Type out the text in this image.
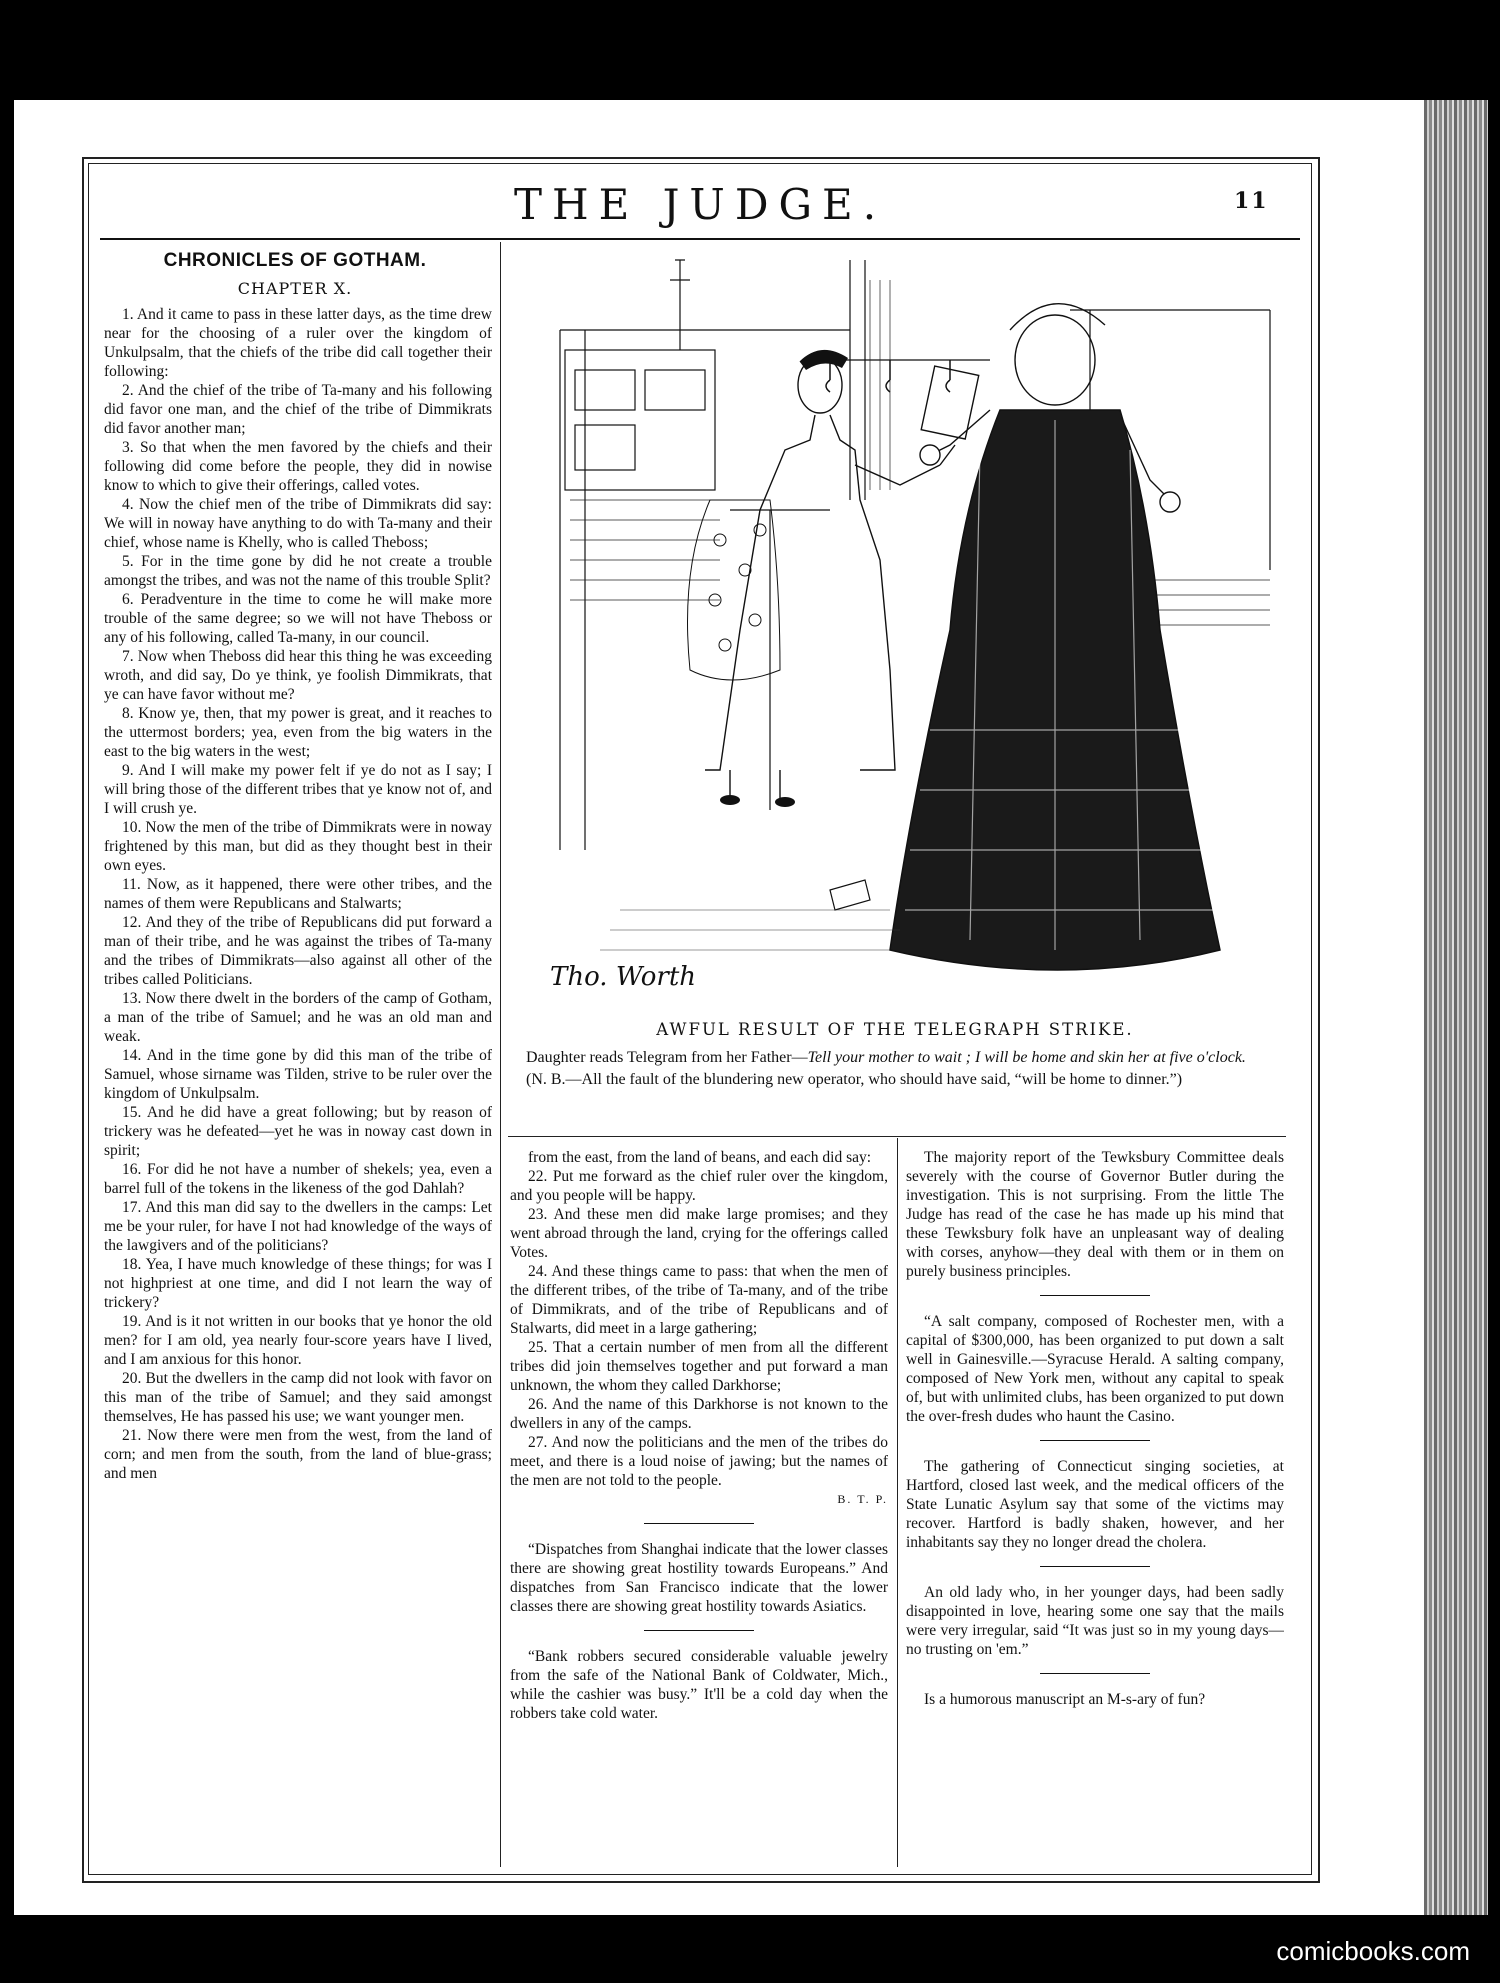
THE JUDGE.	11
CHRONICLES OF GOTHAM.
CHAPTER X.

1. And it came to pass in these latter days, as the time drew near for the choosing of a ruler over the kingdom of Unkulpsalm, that the chiefs of the tribe did call together their following:

2. And the chief of the tribe of Ta-many and his following did favor one man, and the chief of the tribe of Dimmikrats did favor another man;

3. So that when the men favored by the chiefs and their following did come before the people, they did in nowise know to which to give their offerings, called votes.

4. Now the chief men of the tribe of Dimmikrats did say: We will in noway have anything to do with Ta-many and their chief, whose name is Khelly, who is called Theboss;

5. For in the time gone by did he not create a trouble amongst the tribes, and was not the name of this trouble Split?

6. Peradventure in the time to come he will make more trouble of the same degree; so we will not have Theboss or any of his following, called Ta-many, in our council.

7. Now when Theboss did hear this thing he was exceeding wroth, and did say, Do ye think, ye foolish Dimmikrats, that ye can have favor without me?

8. Know ye, then, that my power is great, and it reaches to the uttermost borders; yea, even from the big waters in the east to the big waters in the west;

9. And I will make my power felt if ye do not as I say; I will bring those of the different tribes that ye know not of, and I will crush ye.

10. Now the men of the tribe of Dimmikrats were in noway frightened by this man, but did as they thought best in their own eyes.

11. Now, as it happened, there were other tribes, and the names of them were Republicans and Stalwarts;

12. And they of the tribe of Republicans did put forward a man of their tribe, and he was against the tribes of Ta-many and the tribes of Dimmikrats—also against all other of the tribes called Politicians.

13. Now there dwelt in the borders of the camp of Gotham, a man of the tribe of Samuel; and he was an old man and weak.

14. And in the time gone by did this man of the tribe of Samuel, whose sirname was Tilden, strive to be ruler over the kingdom of Unkulpsalm.

15. And he did have a great following; but by reason of trickery was he defeated—yet he was in noway cast down in spirit;

16. For did he not have a number of shekels; yea, even a barrel full of the tokens in the likeness of the god Dahlah?

17. And this man did say to the dwellers in the camps: Let me be your ruler, for have I not had knowledge of the ways of the lawgivers and of the politicians?

18. Yea, I have much knowledge of these things; for was I not highpriest at one time, and did I not learn the way of trickery?

19. And is it not written in our books that ye honor the old men? for I am old, yea nearly four-score years have I lived, and I am anxious for this honor.

20. But the dwellers in the camp did not look with favor on this man of the tribe of Samuel; and they said amongst themselves, He has passed his use; we want younger men.

21. Now there were men from the west, from the land of corn; and men from the south, from the land of blue-grass; and men

Tho. Worth
AWFUL RESULT OF THE TELEGRAPH STRIKE.

Daughter reads Telegram from her Father—Tell your mother to wait ; I will be home and skin her at five o'clock.

(N. B.—All the fault of the blundering new operator, who should have said, “will be home to dinner.”)

from the east, from the land of beans, and each did say:

22. Put me forward as the chief ruler over the kingdom, and you people will be happy.

23. And these men did make large promises; and they went abroad through the land, crying for the offerings called Votes.

24. And these things came to pass: that when the men of the different tribes, of the tribe of Ta-many, and of the tribe of Dimmikrats, and of the tribe of Republicans and of Stalwarts, did meet in a large gathering;

25. That a certain number of men from all the different tribes did join themselves together and put forward a man unknown, the whom they called Darkhorse;

26. And the name of this Darkhorse is not known to the dwellers in any of the camps.

27. And now the politicians and the men of the tribes do meet, and there is a loud noise of jawing; but the names of the men are not told to the people.

B. T. P.

“Dispatches from Shanghai indicate that the lower classes there are showing great hostility towards Europeans.” And dispatches from San Francisco indicate that the lower classes there are showing great hostility towards Asiatics.

“Bank robbers secured considerable valuable jewelry from the safe of the National Bank of Coldwater, Mich., while the cashier was busy.” It'll be a cold day when the robbers take cold water.

The majority report of the Tewksbury Committee deals severely with the course of Governor Butler during the investigation. This is not surprising. From the little The Judge has read of the case he has made up his mind that these Tewksbury folk have an unpleasant way of dealing with corses, anyhow—they deal with them or in them on purely business principles.

“A salt company, composed of Rochester men, with a capital of $300,000, has been organized to put down a salt well in Gainesville.—Syracuse Herald. A salting company, composed of New York men, without any capital to speak of, but with unlimited clubs, has been organized to put down the over-fresh dudes who haunt the Casino.

The gathering of Connecticut singing societies, at Hartford, closed last week, and the medical officers of the State Lunatic Asylum say that some of the victims may recover. Hartford is badly shaken, however, and her inhabitants say they no longer dread the cholera.

An old lady who, in her younger days, had been sadly disappointed in love, hearing some one say that the mails were very irregular, said “It was just so in my young days—no trusting on 'em.”

Is a humorous manuscript an M-s-ary of fun?

comicbooks.com
